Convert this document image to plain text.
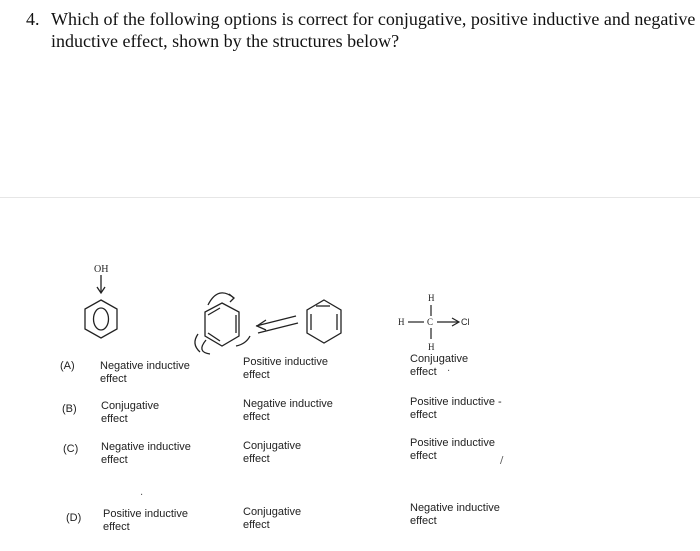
4. Which of the following options is correct for conjugative, positive inductive and negative inductive effect, shown by the structures below?
OH
H
H	C	Cl
H
(A) Negative inductive
effect
Positive inductive
effect
Conjugative
effect
(B) Conjugative
effect
Negative inductive
effect
Positive inductive -
effect
(C) Negative inductive
effect
Conjugative
effect
Positive inductive
effect
(D) Positive inductive
effect
Conjugative
effect
Negative inductive
effect
·
.
/
